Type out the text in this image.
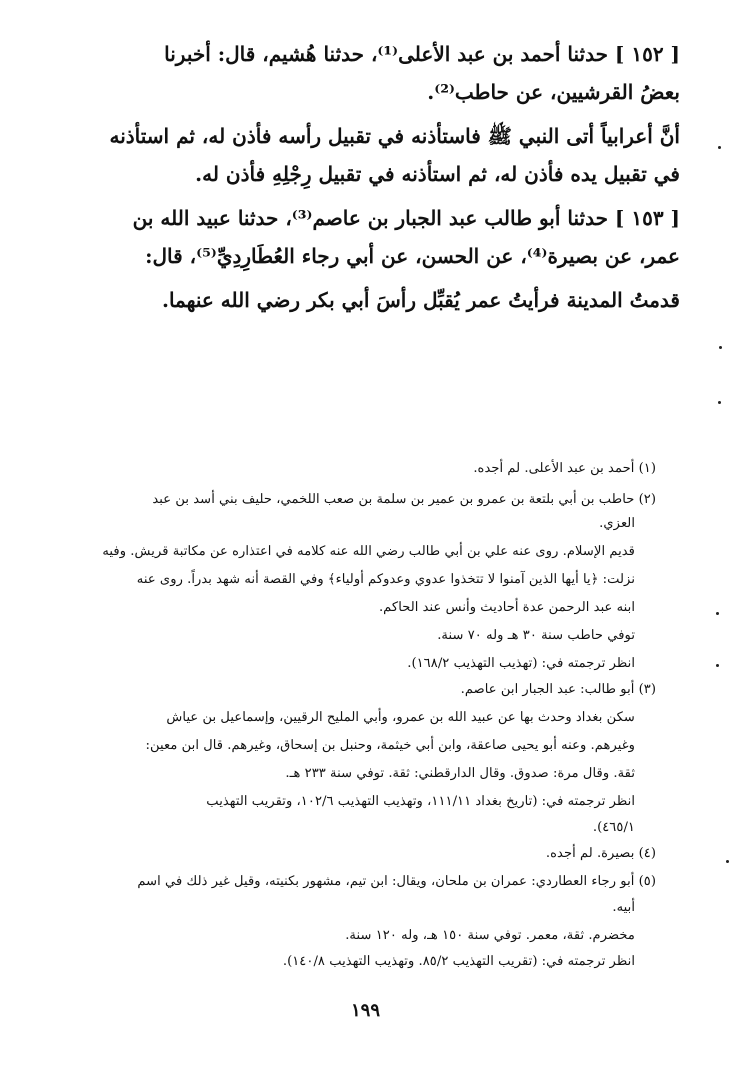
[ ١٥٢ ] حدثنا أحمد بن عبد الأعلى⁽¹⁾، حدثنا هُشيم، قال: أخبرنا
بعضُ القرشيين، عن حاطب⁽²⁾.
أنَّ أعرابياً أتى النبي ﷺ فاستأذنه في تقبيل رأسه فأذن له، ثم استأذنه
في تقبيل يده فأذن له، ثم استأذنه في تقبيل رِجْلِهِ فأذن له.
[ ١٥٣ ] حدثنا أبو طالب عبد الجبار بن عاصم⁽³⁾، حدثنا عبيد الله بن
عمر، عن بصيرة⁽⁴⁾، عن الحسن، عن أبي رجاء العُطَارِدِيِّ⁽⁵⁾، قال:
قدمتُ المدينة فرأيتُ عمر يُقبِّل رأسَ أبي بكر رضي الله عنهما.
(١) أحمد بن عبد الأعلى. لم أجده.
(٢) حاطب بن أبي بلتعة بن عمرو بن عمير بن سلمة بن صعب اللخمي، حليف بني أسد بن عبد
العزي.
قديم الإسلام. روى عنه علي بن أبي طالب رضي الله عنه كلامه في اعتذاره عن مكاتبة قريش. وفيه
نزلت: ﴿يا أيها الذين آمنوا لا تتخذوا عدوي وعدوكم أولياء﴾ وفي القصة أنه شهد بدراً. روى عنه
ابنه عبد الرحمن عدة أحاديث وأنس عند الحاكم.
توفي حاطب سنة ٣٠ هـ وله ٧٠ سنة.
انظر ترجمته في: (تهذيب التهذيب ١٦٨/٢).
(٣) أبو طالب: عبد الجبار ابن عاصم.
سكن بغداد وحدث بها عن عبيد الله بن عمرو، وأبي المليح الرقيين، وإسماعيل بن عياش
وغيرهم. وعنه أبو يحيى صاعقة، وابن أبي خيثمة، وحنبل بن إسحاق، وغيرهم. قال ابن معين:
ثقة. وقال مرة: صدوق. وقال الدارقطني: ثقة. توفي سنة ٢٣٣ هـ.
انظر ترجمته في: (تاريخ بغداد ١١١/١١، وتهذيب التهذيب ١٠٢/٦، وتقريب التهذيب
٤٦٥/١).
(٤) بصيرة. لم أجده.
(٥) أبو رجاء العطاردي: عمران بن ملحان، ويقال: ابن تيم، مشهور بكنيته، وقيل غير ذلك في اسم
أبيه.
مخضرم. ثقة، معمر. توفي سنة ١٥٠ هـ، وله ١٢٠ سنة.
انظر ترجمته في: (تقريب التهذيب ٨٥/٢. وتهذيب التهذيب ١٤٠/٨).
١٩٩
